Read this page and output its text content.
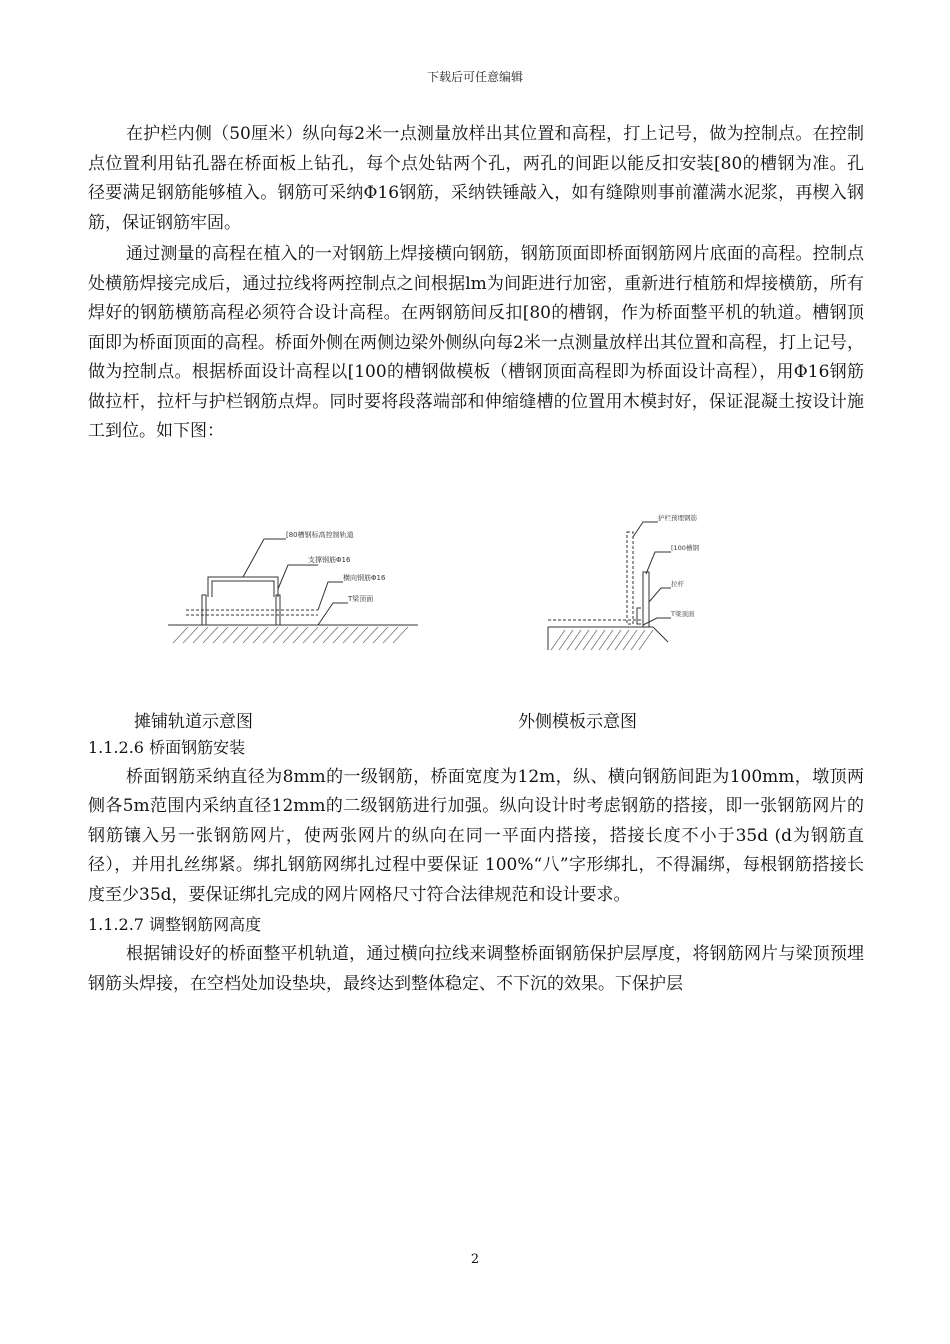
下载后可任意编辑

在护栏内侧（50厘米）纵向每2米一点测量放样出其位置和高程，打上记号，做为控制点。在控制点位置利用钻孔器在桥面板上钻孔，每个点处钻两个孔，两孔的间距以能反扣安装[80的槽钢为准。孔径要满足钢筋能够植入。钢筋可采纳Φ16钢筋，采纳铁锤敲入，如有缝隙则事前灌满水泥浆，再楔入钢筋，保证钢筋牢固。

通过测量的高程在植入的一对钢筋上焊接横向钢筋，钢筋顶面即桥面钢筋网片底面的高程。控制点处横筋焊接完成后，通过拉线将两控制点之间根据lm为间距进行加密，重新进行植筋和焊接横筋，所有焊好的钢筋横筋高程必须符合设计高程。在两钢筋间反扣[80的槽钢，作为桥面整平机的轨道。槽钢顶面即为桥面顶面的高程。桥面外侧在两侧边梁外侧纵向每2米一点测量放样出其位置和高程，打上记号，做为控制点。根据桥面设计高程以[100的槽钢做模板（槽钢顶面高程即为桥面设计高程），用Φ16钢筋做拉杆，拉杆与护栏钢筋点焊。同时要将段落端部和伸缩缝槽的位置用木模封好，保证混凝土按设计施工到位。如下图：

[80槽钢标高控制轨道
支撑钢筋Φ16
横向钢筋Φ16
T梁顶面
护栏预埋钢筋
[100槽钢
拉杆
T梁顶面
摊铺轨道示意图	外侧模板示意图

1.1.2.6 桥面钢筋安装

桥面钢筋采纳直径为8mm的一级钢筋，桥面宽度为12m，纵、横向钢筋间距为100mm，墩顶两侧各5m范围内采纳直径12mm的二级钢筋进行加强。纵向设计时考虑钢筋的搭接，即一张钢筋网片的钢筋镶入另一张钢筋网片，使两张网片的纵向在同一平面内搭接，搭接长度不小于35d (d为钢筋直径），并用扎丝绑紧。绑扎钢筋网绑扎过程中要保证 100%“八”字形绑扎，不得漏绑，每根钢筋搭接长度至少35d，要保证绑扎完成的网片网格尺寸符合法律规范和设计要求。

1.1.2.7 调整钢筋网高度

根据铺设好的桥面整平机轨道，通过横向拉线来调整桥面钢筋保护层厚度，将钢筋网片与梁顶预埋钢筋头焊接，在空档处加设垫块，最终达到整体稳定、不下沉的效果。下保护层

2
